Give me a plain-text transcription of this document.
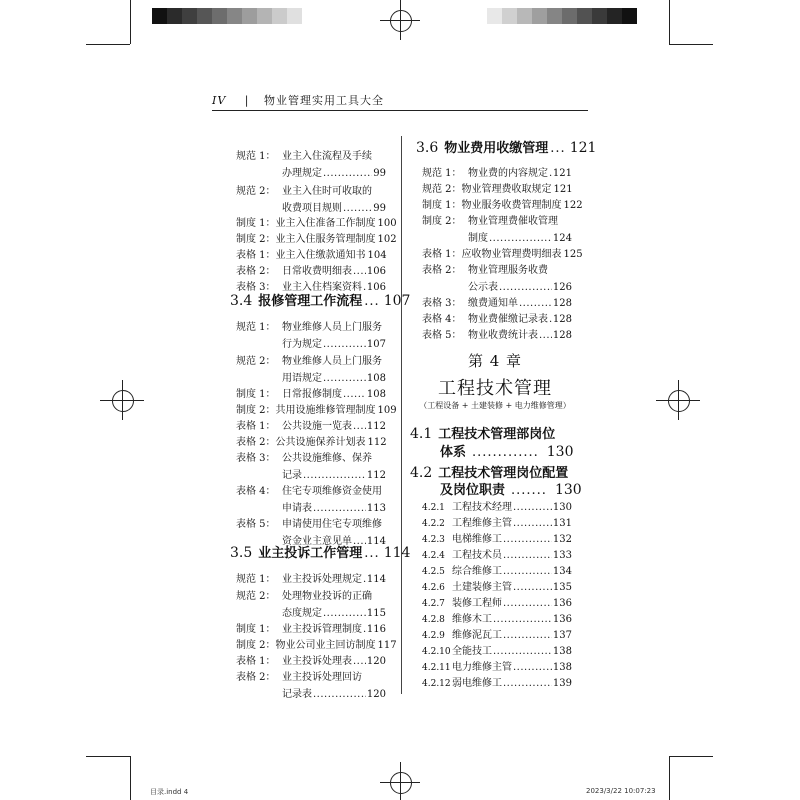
IV | 物业管理实用工具大全
规范 1： 业主入住流程及手续
办理规定 .....	99
规范 2： 业主入住时可收取的
收费项目规则 .....	99
制度 1： 业主入住准备工作制度 100
制度 2： 业主入住服务管理制度 102
表格 1： 业主入住缴款通知书 104
表格 2： 日常收费明细表 ..... 106
表格 3： 业主入住档案资料 ..... 106
3.4 报修管理工作流程 ... 107
规范 1： 物业维修人员上门服务
行为规定 .....	107
规范 2： 物业维修人员上门服务
用语规定 .....	108
制度 1： 日常报修制度 ..... 108
制度 2： 共用设施维修管理制度 109
表格 1： 公共设施一览表 ..... 112
表格 2： 公共设施保养计划表 112
表格 3： 公共设施维修、保养
记录 .....	112
表格 4： 住宅专项维修资金使用
申请表 .....	113
表格 5： 申请使用住宅专项维修
资金业主意见单 ..... 114
3.5 业主投诉工作管理 ... 114
规范 1： 业主投诉处理规定 ..... 114
规范 2： 处理物业投诉的正确
态度规定 .....	115
制度 1： 业主投诉管理制度 ..... 116
制度 2： 物业公司业主回访制度 117
表格 1： 业主投诉处理表 ..... 120
表格 2： 业主投诉处理回访
记录表 .....	120
3.6 物业费用收缴管理 ... 121
规范 1： 物业费的内容规定 ..... 121
规范 2： 物业管理费收取规定 121
制度 1： 物业服务收费管理制度 122
制度 2： 物业管理费催收管理
制度 .....	124
表格 1： 应收物业管理费明细表 125
表格 2： 物业管理服务收费
公示表 .....	126
表格 3： 缴费通知单 .....	128
表格 4： 物业费催缴记录表 ..... 128
表格 5： 物业收费统计表 ..... 128
4.2.1 工程技术经理 .....	130
4.2.2 工程维修主管 .....	131
4.2.3 电梯维修工 .....	132
4.2.4 工程技术员 .....	133
4.2.5 综合维修工 .....	134
4.2.6 土建装修主管 .....	135
4.2.7 装修工程师 .....	136
4.2.8 维修木工 .....	136
4.2.9 维修泥瓦工 .....	137
4.2.10 全能技工 .....	138
4.2.11 电力维修主管 .....	138
4.2.12 弱电维修工 .....	139
第 4 章
工程技术管理
（工程设备 + 土建装修 + 电力维修管理）
4.1 工程技术管理部岗位
体系 ............. 130
4.2 工程技术管理岗位配置
及岗位职责 ....... 130
目录.indd 4	2023/3/22 10:07:23
